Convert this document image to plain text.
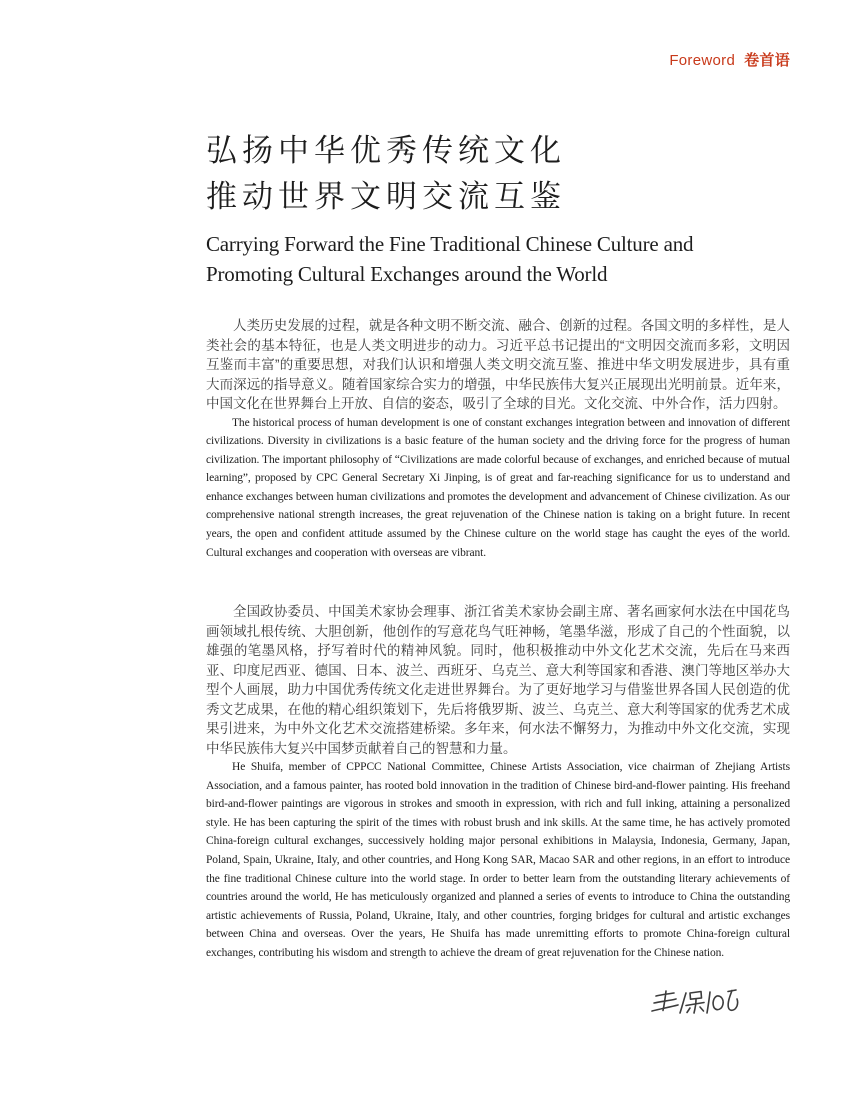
Foreword 卷首语
弘扬中华优秀传统文化
推动世界文明交流互鉴
Carrying Forward the Fine Traditional Chinese Culture and
Promoting Cultural Exchanges around the World

人类历史发展的过程，就是各种文明不断交流、融合、创新的过程。各国文明的多样性，是人类社会的基本特征，也是人类文明进步的动力。习近平总书记提出的“文明因交流而多彩，文明因互鉴而丰富”的重要思想，对我们认识和增强人类文明交流互鉴、推进中华文明发展进步，具有重大而深远的指导意义。随着国家综合实力的增强，中华民族伟大复兴正展现出光明前景。近年来，中国文化在世界舞台上开放、自信的姿态，吸引了全球的目光。文化交流、中外合作，活力四射。

The historical process of human development is one of constant exchanges integration between and innovation of different civilizations. Diversity in civilizations is a basic feature of the human society and the driving force for the progress of human civilization. The important philosophy of “Civilizations are made colorful because of exchanges, and enriched because of mutual learning”, proposed by CPC General Secretary Xi Jinping, is of great and far-reaching significance for us to understand and enhance exchanges between human civilizations and promotes the development and advancement of Chinese civilization. As our comprehensive national strength increases, the great rejuvenation of the Chinese nation is taking on a bright future. In recent years, the open and confident attitude assumed by the Chinese culture on the world stage has caught the eyes of the world. Cultural exchanges and cooperation with overseas are vibrant.

全国政协委员、中国美术家协会理事、浙江省美术家协会副主席、著名画家何水法在中国花鸟画领域扎根传统、大胆创新，他创作的写意花鸟气旺神畅，笔墨华滋，形成了自己的个性面貌，以雄强的笔墨风格，抒写着时代的精神风貌。同时，他积极推动中外文化艺术交流，先后在马来西亚、印度尼西亚、德国、日本、波兰、西班牙、乌克兰、意大利等国家和香港、澳门等地区举办大型个人画展，助力中国优秀传统文化走进世界舞台。为了更好地学习与借鉴世界各国人民创造的优秀文艺成果，在他的精心组织策划下，先后将俄罗斯、波兰、乌克兰、意大利等国家的优秀艺术成果引进来，为中外文化艺术交流搭建桥梁。多年来，何水法不懈努力，为推动中外文化交流，实现中华民族伟大复兴中国梦贡献着自己的智慧和力量。

He Shuifa, member of CPPCC National Committee, Chinese Artists Association, vice chairman of Zhejiang Artists Association, and a famous painter, has rooted bold innovation in the tradition of Chinese bird-and-flower painting. His freehand bird-and-flower paintings are vigorous in strokes and smooth in expression, with rich and full inking, attaining a personalized style. He has been capturing the spirit of the times with robust brush and ink skills. At the same time, he has actively promoted China-foreign cultural exchanges, successively holding major personal exhibitions in Malaysia, Indonesia, Germany, Japan, Poland, Spain, Ukraine, Italy, and other countries, and Hong Kong SAR, Macao SAR and other regions, in an effort to introduce the fine traditional Chinese culture into the world stage. In order to better learn from the outstanding literary achievements of countries around the world, He has meticulously organized and planned a series of events to introduce to China the outstanding artistic achievements of Russia, Poland, Ukraine, Italy, and other countries, forging bridges for cultural and artistic exchanges between China and overseas. Over the years, He Shuifa has made unremitting efforts to promote China-foreign cultural exchanges, contributing his wisdom and strength to achieve the dream of great rejuvenation for the Chinese nation.
